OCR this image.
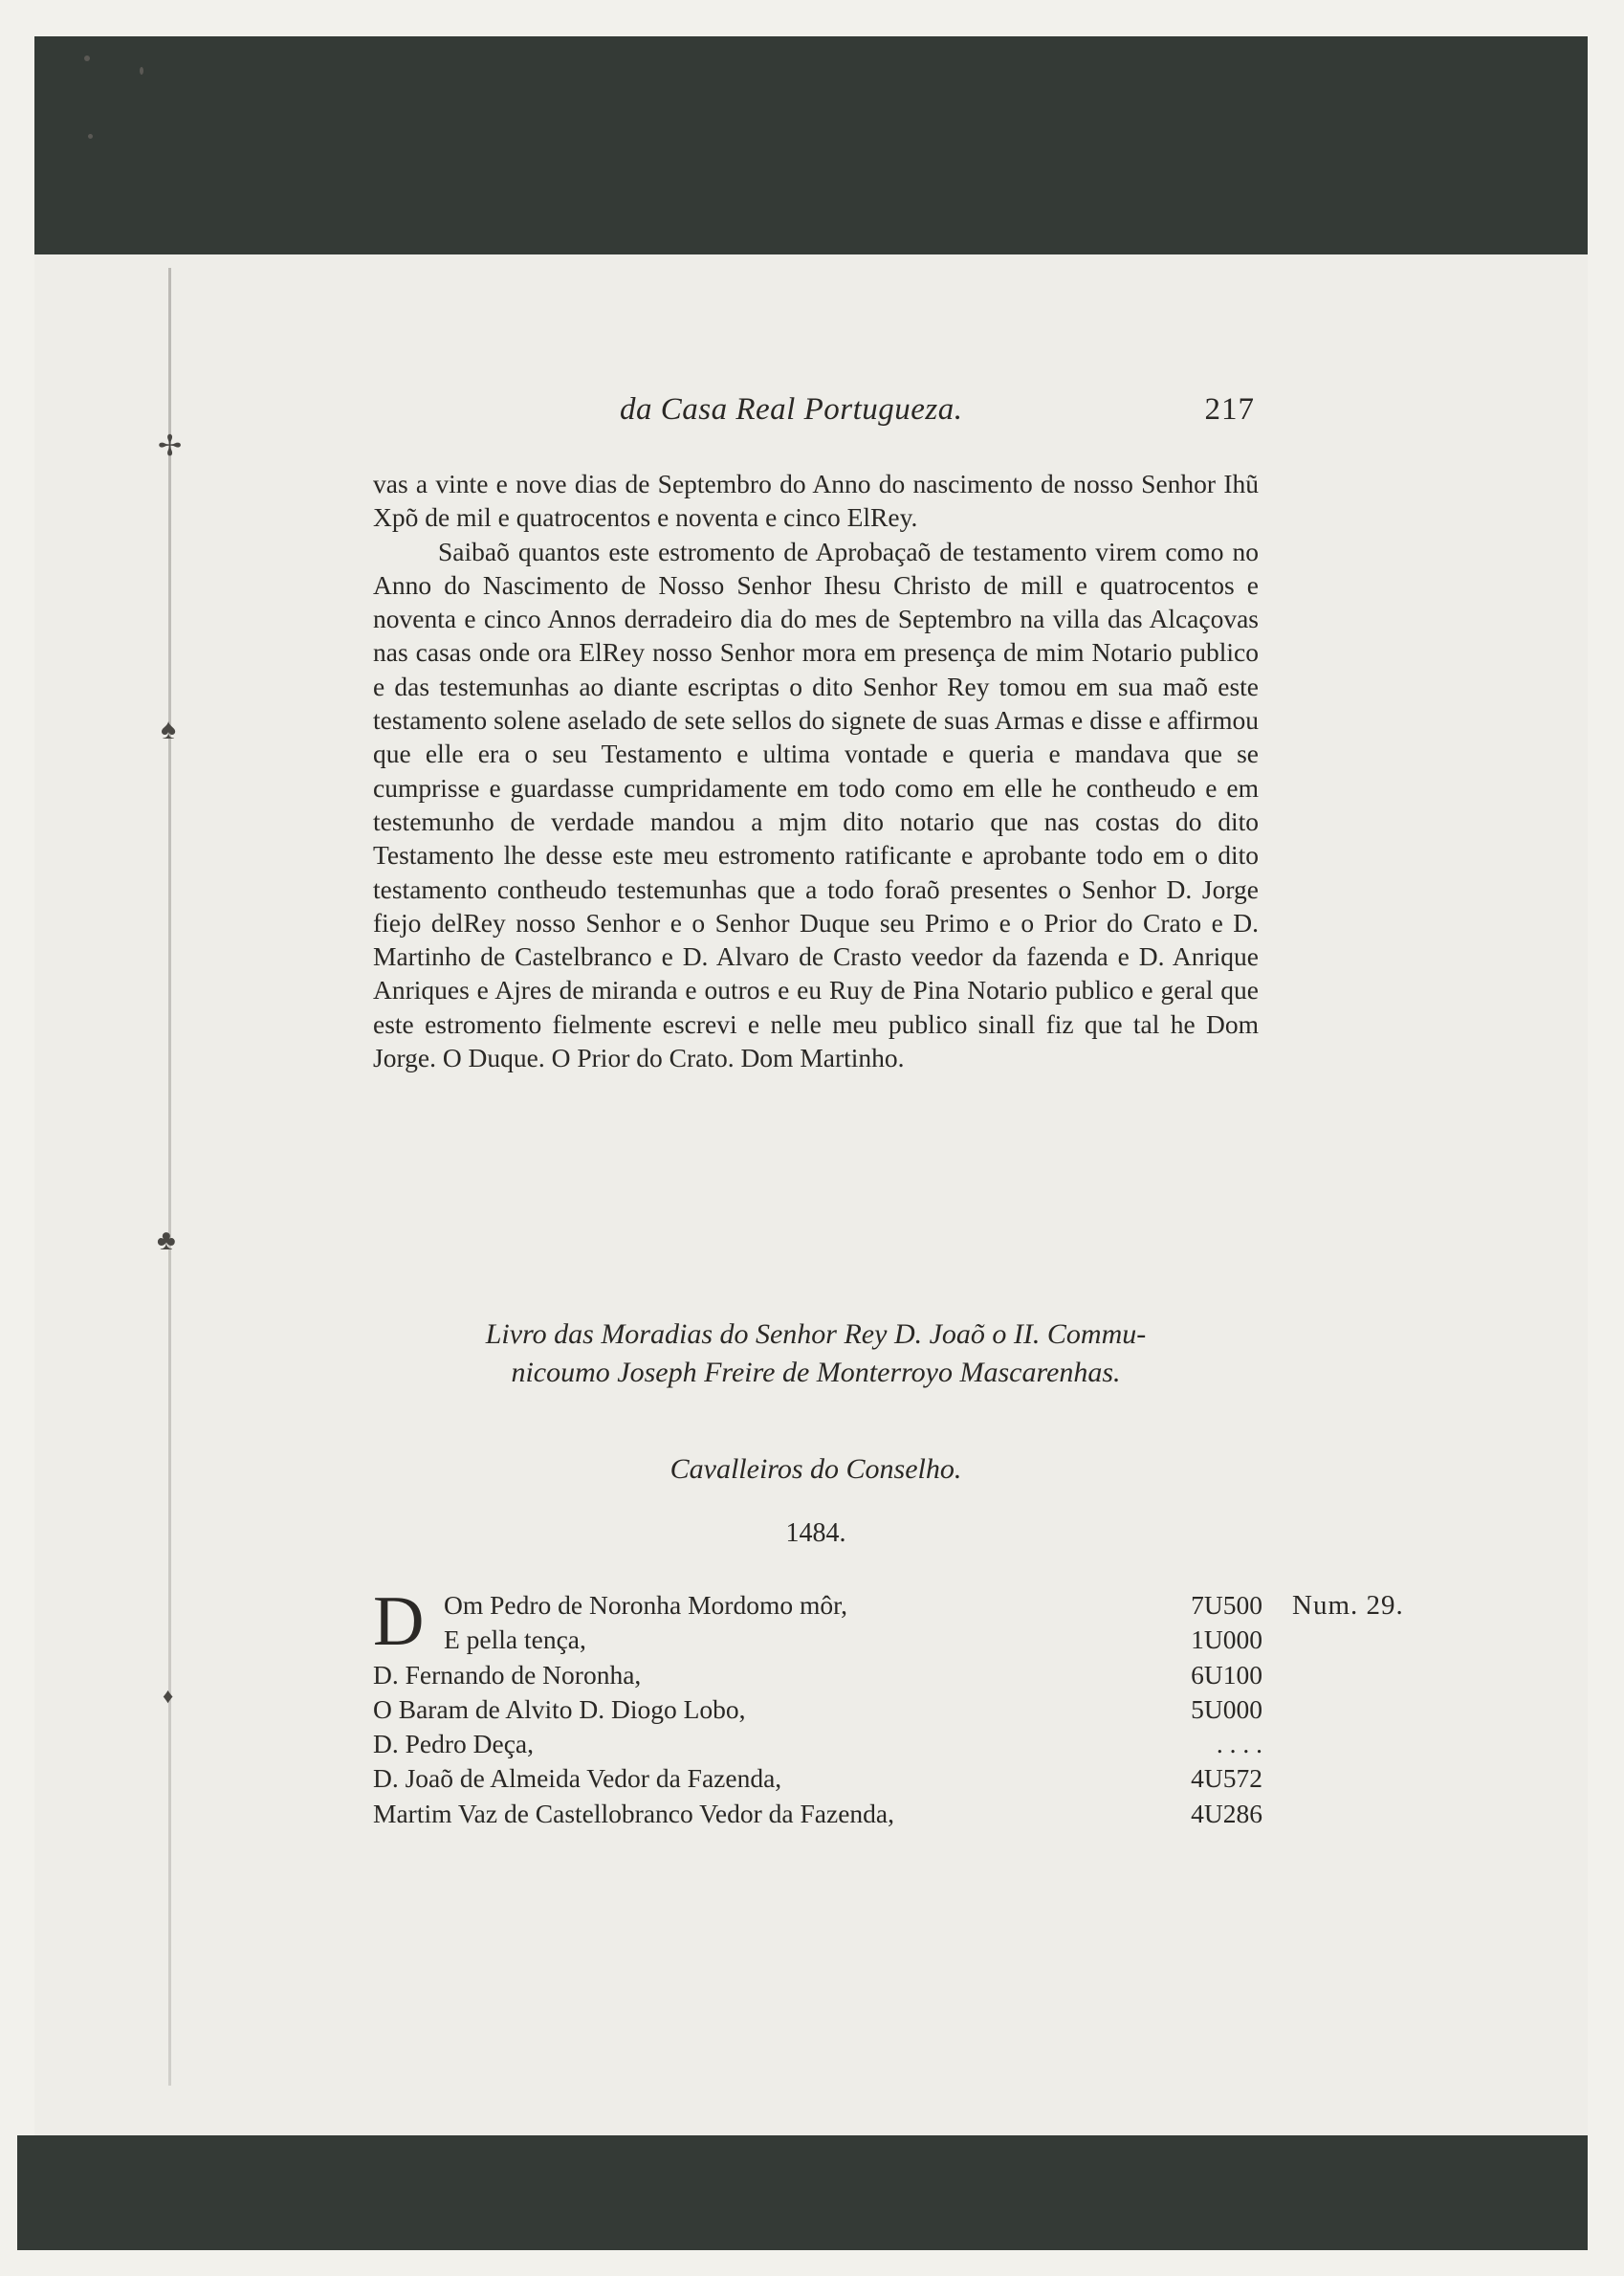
✢
♠
♣
♦
da Casa Real Portugueza.	217

vas a vinte e nove dias de Septembro do Anno do nascimento de nosso Senhor Ihũ Xpõ de mil e quatrocentos e noventa e cinco ElRey.

Saibaõ quantos este estromento de Aprobaçaõ de testamento virem como no Anno do Nascimento de Nosso Senhor Ihesu Christo de mill e quatrocentos e noventa e cinco Annos derradeiro dia do mes de Septembro na villa das Alcaçovas nas casas onde ora ElRey nosso Senhor mora em presença de mim Notario publico e das testemunhas ao diante escriptas o dito Senhor Rey tomou em sua maõ este testamento solene aselado de sete sellos do signete de suas Armas e disse e affirmou que elle era o seu Testamento e ultima vontade e queria e mandava que se cumprisse e guardasse cumpridamente em todo como em elle he contheudo e em testemunho de verdade mandou a mjm dito notario que nas costas do dito Testamento lhe desse este meu estromento ratificante e aprobante todo em o dito testamento contheudo testemunhas que a todo foraõ presentes o Senhor D. Jorge fiejo delRey nosso Senhor e o Senhor Duque seu Primo e o Prior do Crato e D. Martinho de Castelbranco e D. Alvaro de Crasto veedor da fazenda e D. Anrique Anriques e Ajres de miranda e outros e eu Ruy de Pina Notario publico e geral que este estromento fielmente escrevi e nelle meu publico sinall fiz que tal he Dom Jorge. O Duque. O Prior do Crato. Dom Martinho.

Livro das Moradias do Senhor Rey D. Joaõ o II. Commu-
nicoumo Joseph Freire de Monterroyo Mascarenhas.
Cavalleiros do Conselho.
1484.
D Om Pedro de Noronha Mordomo môr,	7U500
E pella tença,	1U000
D. Fernando de Noronha,	6U100
O Baram de Alvito D. Diogo Lobo,	5U000
D. Pedro Deça,	. . . .
D. Joaõ de Almeida Vedor da Fazenda,	4U572
Martim Vaz de Castellobranco Vedor da Fazenda,	4U286
Num. 29.
